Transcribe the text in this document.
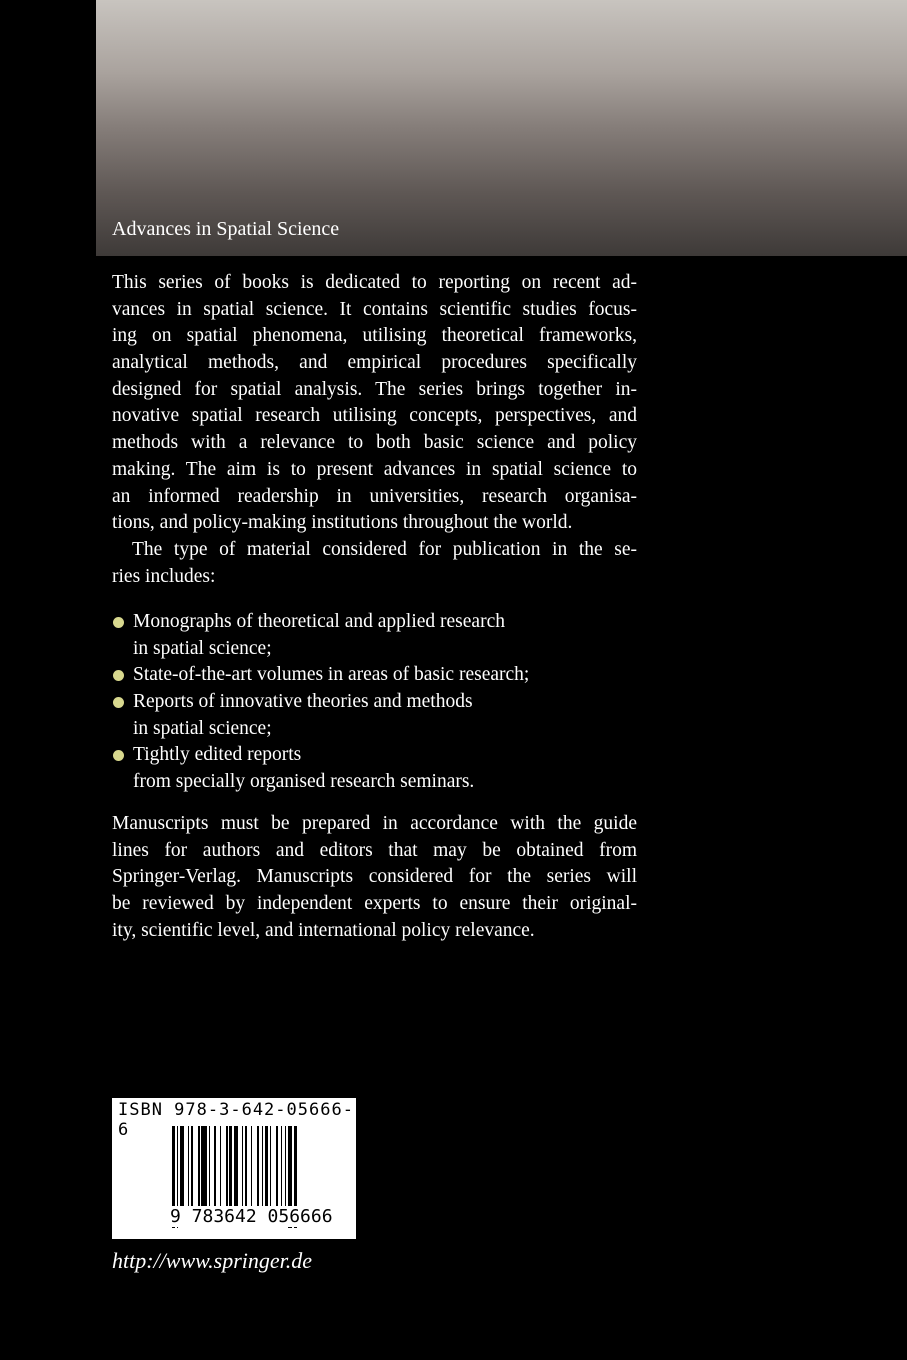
Advances in Spatial Science
This series of books is dedicated to reporting on recent ad-
vances in spatial science. It contains scientific studies focus-
ing on spatial phenomena, utilising theoretical frameworks,
analytical methods, and empirical procedures specifically
designed for spatial analysis. The series brings together in-
novative spatial research utilising concepts, perspectives, and
methods with a relevance to both basic science and policy
making. The aim is to present advances in spatial science to
an informed readership in universities, research organisa-
tions, and policy-making institutions throughout the world.
The type of material considered for publication in the se-
ries includes:
Monographs of theoretical and applied research
in spatial science;
State-of-the-art volumes in areas of basic research;
Reports of innovative theories and methods
in spatial science;
Tightly edited reports
from specially organised research seminars.
Manuscripts must be prepared in accordance with the guide
lines for authors and editors that may be obtained from
Springer-Verlag. Manuscripts considered for the series will
be reviewed by independent experts to ensure their original-
ity, scientific level, and international policy relevance.
ISBN 978-3-642-05666-6
9 783642 056666
http://www.springer.de
